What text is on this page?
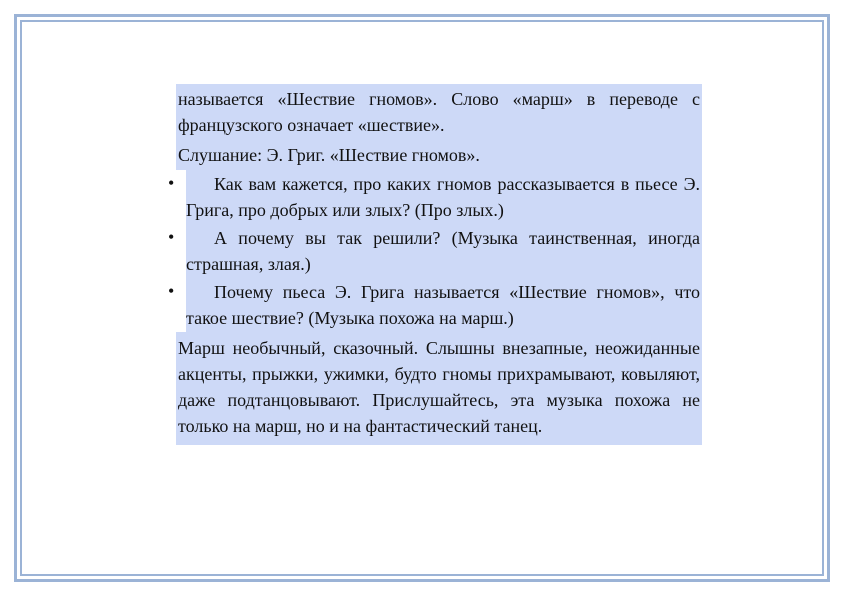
называется «Шествие гномов». Слово «марш» в переводе с французского означает «шествие».
Слушание: Э. Григ. «Шествие гномов».
•	Как вам кажется, про каких гномов рассказывается в пьесе Э. Грига, про добрых или злых? (Про злых.)
•	А почему вы так решили? (Музыка таинственная, иногда страшная, злая.)
•	Почему пьеса Э. Грига называется «Шествие гномов», что такое шествие? (Музыка похожа на марш.)
Марш необычный, сказочный. Слышны внезапные, неожиданные акценты, прыжки, ужимки, будто гномы прихрамывают, ковыляют, даже подтанцовывают. Прислушайтесь, эта музыка похожа не только на марш, но и на фантастический танец.
